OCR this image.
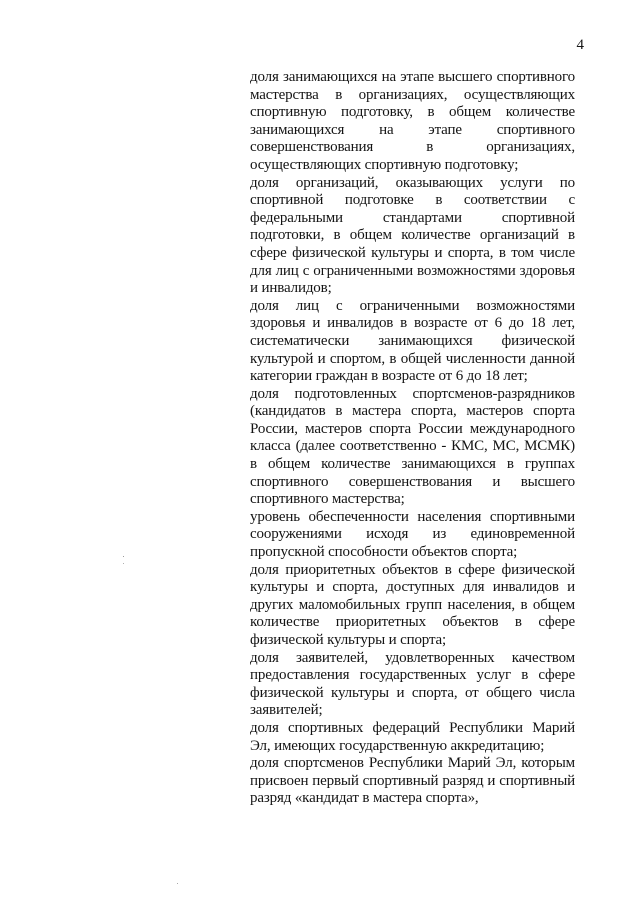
4

доля занимающихся на этапе высшего спортивного мастерства в организациях, осуществляющих спортивную подготовку, в общем количестве занимающихся на этапе спортивного совершенствования в организациях, осуществляющих спортивную подготовку;

доля организаций, оказывающих услуги по спортивной подготовке в соответствии с федеральными стандартами спортивной подготовки, в общем количестве организаций в сфере физической культуры и спорта, в том числе для лиц с ограниченными возможностями здоровья и инвалидов;

доля лиц с ограниченными возможностями здоровья и инвалидов в возрасте от 6 до 18 лет, систематически занимающихся физической культурой и спортом, в общей численности данной категории граждан в возрасте от 6 до 18 лет;

доля подготовленных спортсменов-разрядников (кандидатов в мастера спорта, мастеров спорта России, мастеров спорта России международного класса (далее соответственно - КМС, МС, МСМК) в общем количестве занимающихся в группах спортивного совершенствования и высшего спортивного мастерства;

уровень обеспеченности населения спортивными сооружениями исходя из единовременной пропускной способности объектов спорта;

доля приоритетных объектов в сфере физической культуры и спорта, доступных для инвалидов и других маломобильных групп населения, в общем количестве приоритетных объектов в сфере физической культуры и спорта;

доля заявителей, удовлетворенных качеством предоставления государственных услуг в сфере физической культуры и спорта, от общего числа заявителей;

доля спортивных федераций Республики Марий Эл, имеющих государственную аккредитацию;

доля спортсменов Республики Марий Эл, которым присвоен первый спортивный разряд и спортивный разряд «кандидат в мастера спорта»,
